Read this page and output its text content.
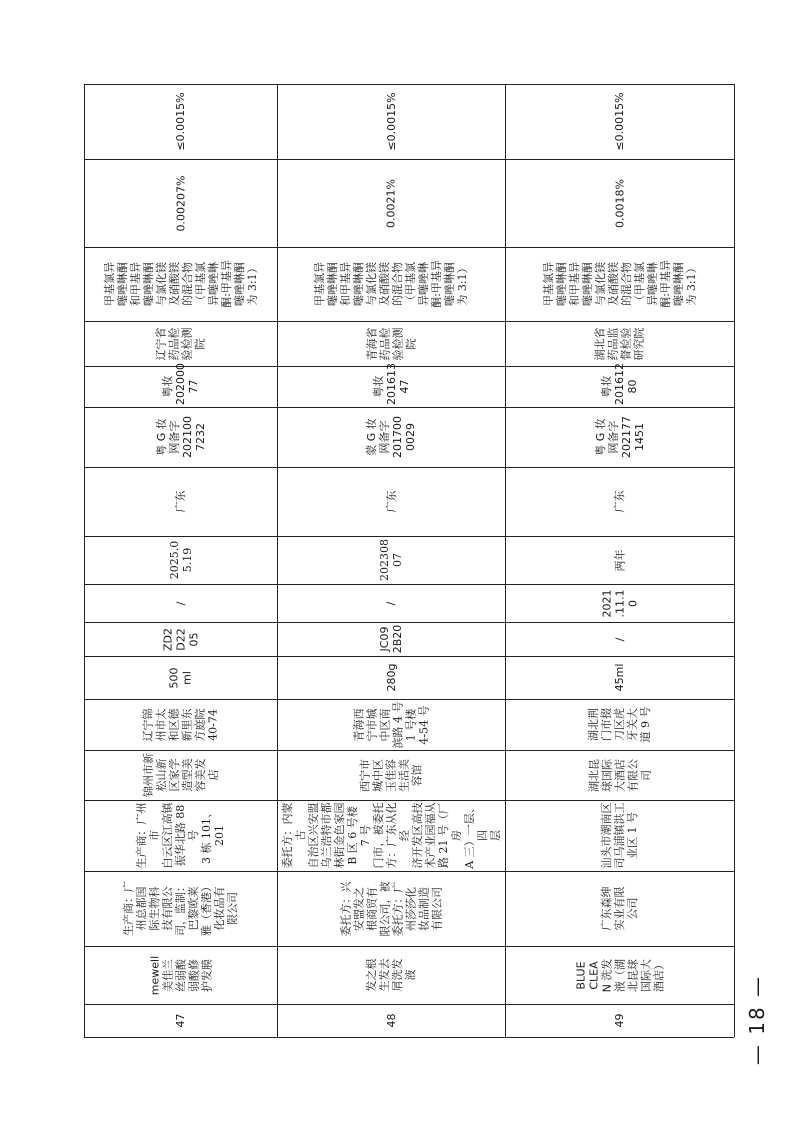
≤0.0015%
0.00207%
甲基氯异
噻唑啉酮
和甲基异
噻唑啉酮
与氯化镁
及硝酸镁
的混合物
（甲基氯
异噻唑啉
酮:甲基异
噻唑啉酮
为 3:1）
辽宁省
药品检
验检测
院
粤妆
202000
77
粤 G 妆
网备字
202100
7232
广东
2025.0
5.19
/
ZD2
D22
05
500
ml
辽宁锦
州市太
和区德
新里东
方庭院
40-74
锦州市新
松山新
区家学
造型美
容美发
店
生产商：广州市
白云区江高镇
振华北路 88 号
3 栋 101、201
生产商：广
州总都国
际生物科
技有限公
司，监制：
巴黎欧莱
雅（香港）
化妆品有
限公司
mewell
美佳兰
丝弱酸
弱酸修
护发膜
47
≤0.0015%
0.0021%
甲基氯异
噻唑啉酮
和甲基异
噻唑啉酮
与氯化镁
及硝酸镁
的混合物
（甲基氯
异噻唑啉
酮:甲基异
噻唑啉酮
为 3:1）
青海省
药品检
验检测
院
粤妆
201613
47
蒙 G 妆
网备字
201700
0029
广东
202308
07
/
JC09
2B20
280g
青海西
宁市城
中区南
滨路 4 号
1 号楼
4-54 号
西宁市
城中区
玉佳容
生活美
容馆
委托方：内蒙古
自治区兴安盟
乌兰浩特市都
林街金色家园
B 区 6 号楼 7 号
门市，被委托
方：广东从化经
济开发区高技
术产业园福从
路 21 号（厂房
A 三）一层、四
层
委托方：兴
安盟发之
根商贸有
限公司，被
委托方：广
州莎莎化
妆品制造
有限公司
发之根
生发去
屑洗发
液
48
≤0.0015%
0.0018%
甲基氯异
噻唑啉酮
和甲基异
噻唑啉酮
与氯化镁
及硝酸镁
的混合物
（甲基氯
异噻唑啉
酮:甲基异
噻唑啉酮
为 3:1）
湖北省
药品监
督检验
研究院
粤妆
201612
80
粤 G 妆
网备字
202177
1451
广东
两年
2021
.11.1
0
/
45ml
湖北荆
门市掇
刀区虎
牙关大
道 9 号
湖北昆
球国际
大酒店
有限公
司
汕头市潮南区
司马浦镇洪工
业区 1 号
广东森绅
实业有限
公司
BLUE
CLEA
N 洗发
液（湖
北昆球
国际大
酒店）
49	— 18 —
